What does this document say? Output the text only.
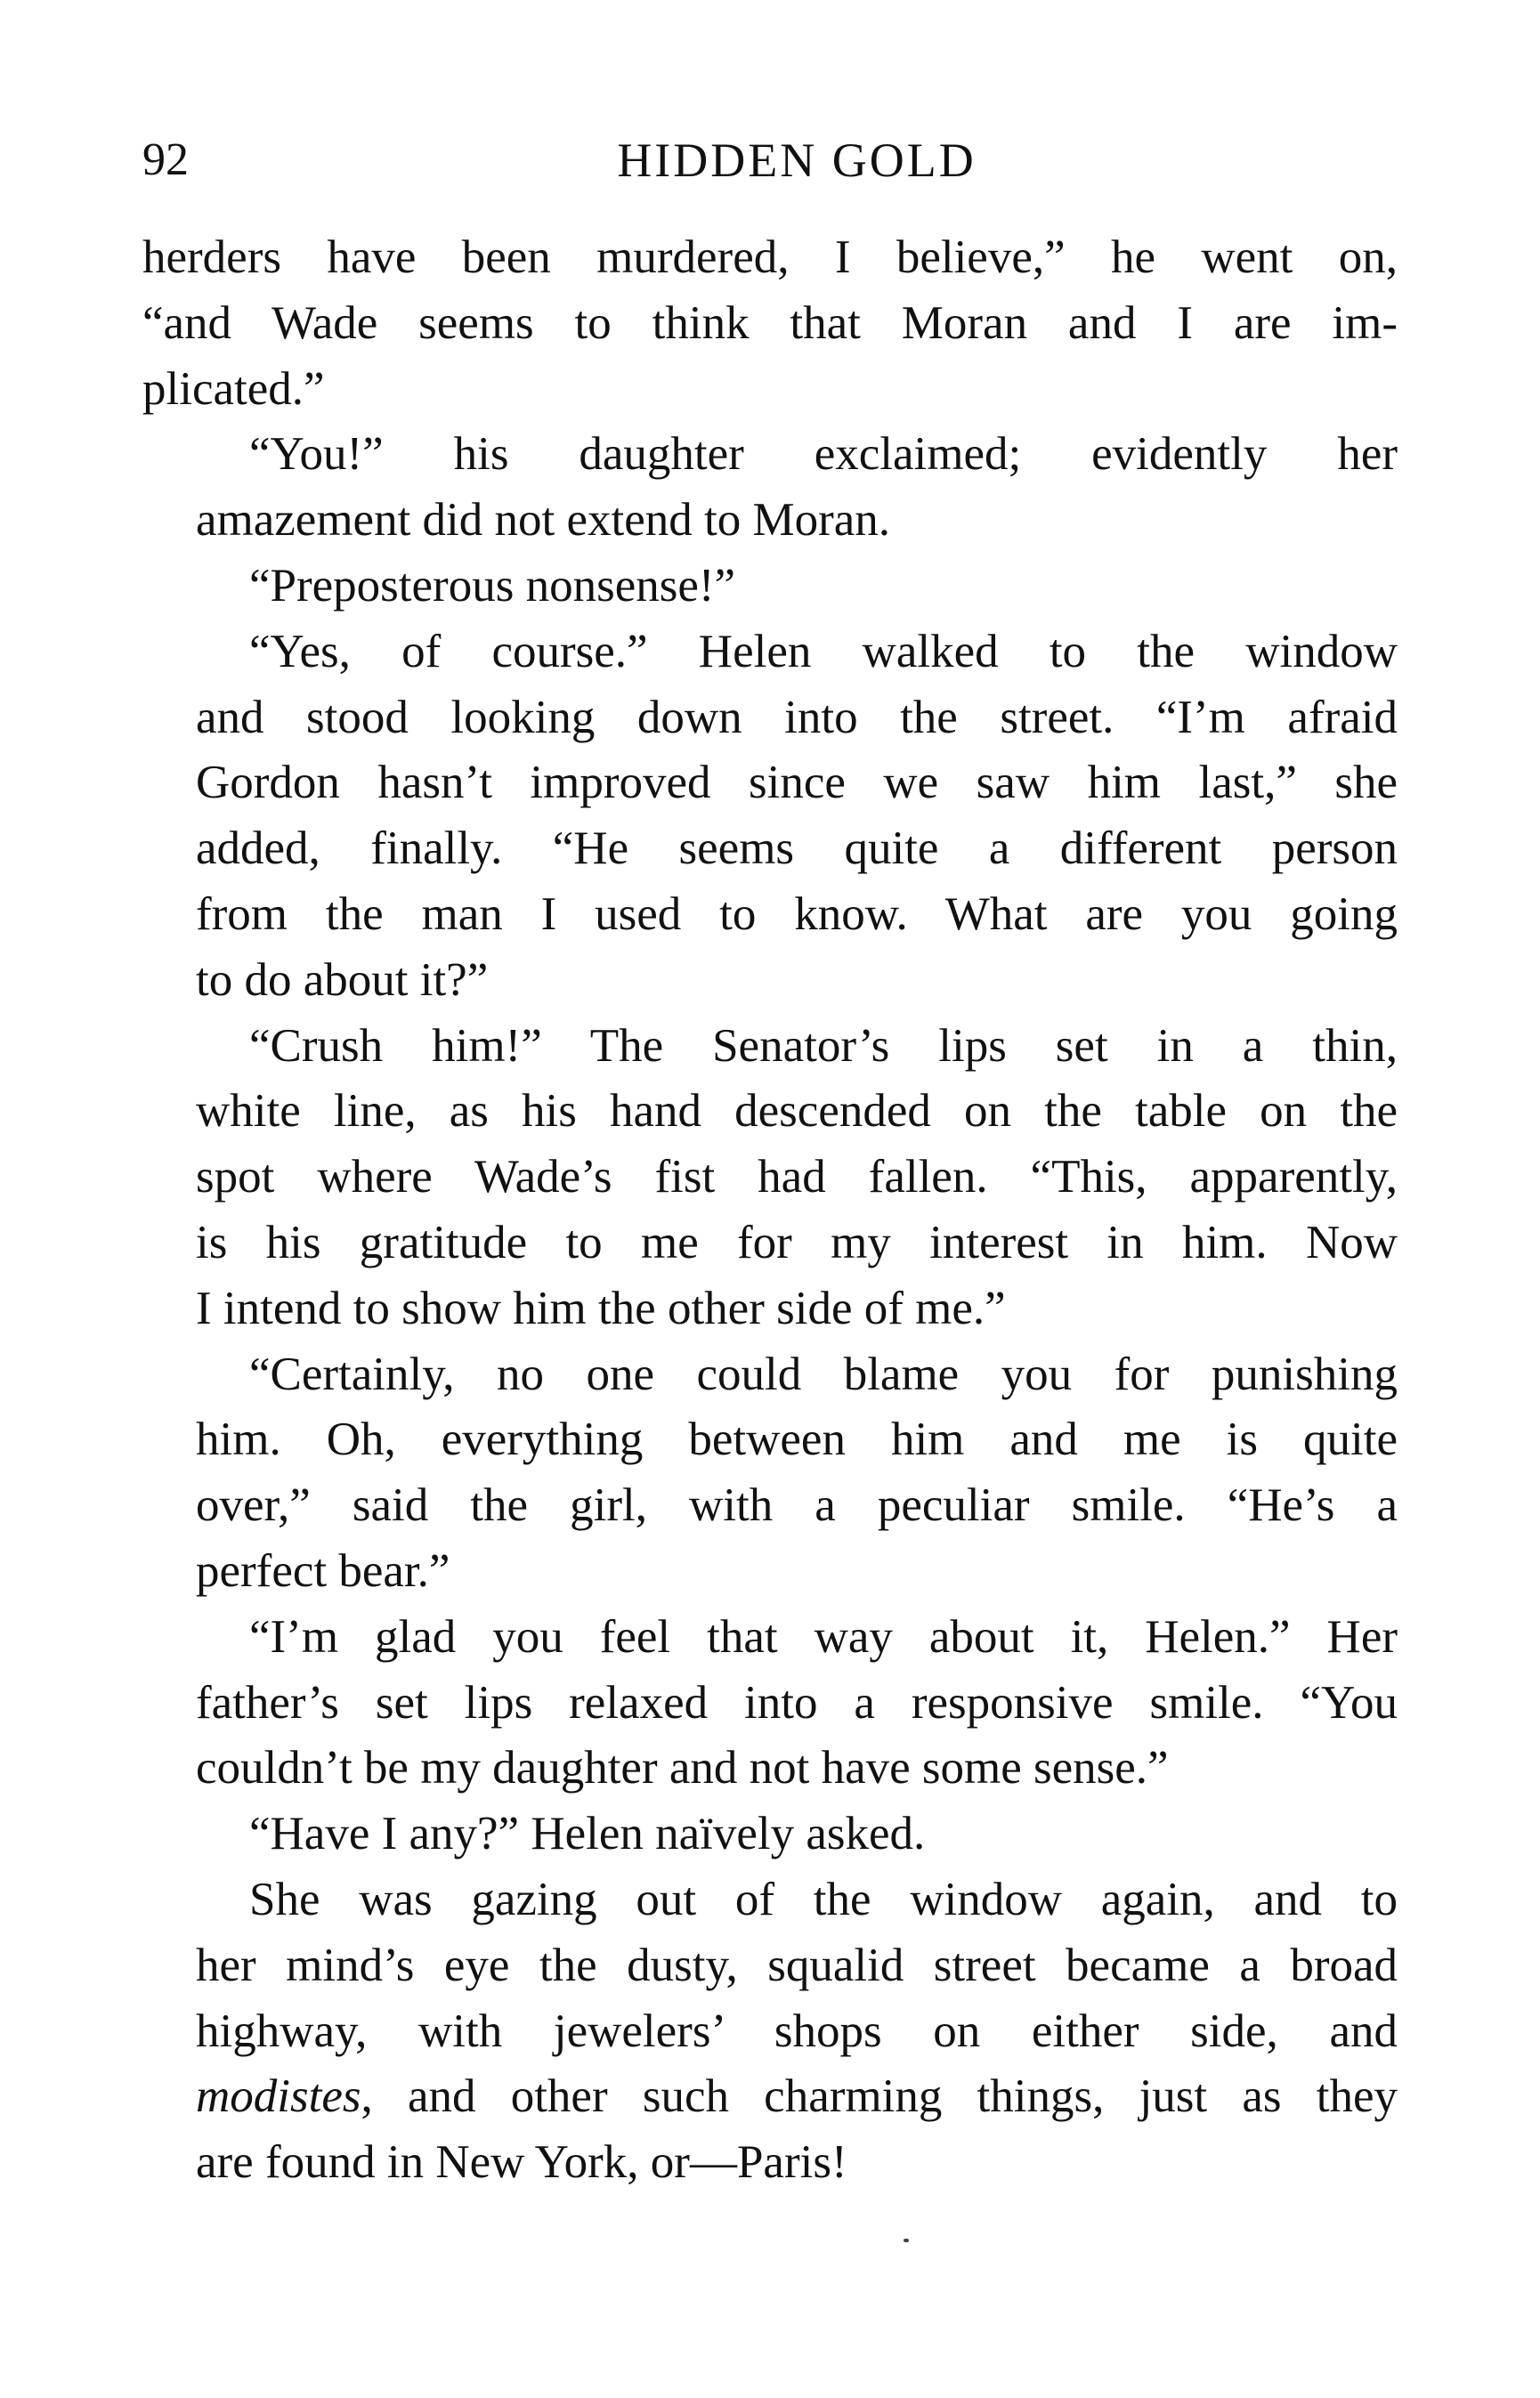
92	HIDDEN GOLD

herders have been murdered, I believe,” he went on,
“and Wade seems to think that Moran and I are im-
plicated.”

“You!” his daughter exclaimed; evidently her
amazement did not extend to Moran.

“Preposterous nonsense!”

“Yes, of course.” Helen walked to the window
and stood looking down into the street. “I’m afraid
Gordon hasn’t improved since we saw him last,” she
added, finally. “He seems quite a different person
from the man I used to know. What are you going
to do about it?”

“Crush him!” The Senator’s lips set in a thin,
white line, as his hand descended on the table on the
spot where Wade’s fist had fallen. “This, apparently,
is his gratitude to me for my interest in him. Now
I intend to show him the other side of me.”

“Certainly, no one could blame you for punishing
him. Oh, everything between him and me is quite
over,” said the girl, with a peculiar smile. “He’s a
perfect bear.”

“I’m glad you feel that way about it, Helen.” Her
father’s set lips relaxed into a responsive smile. “You
couldn’t be my daughter and not have some sense.”

“Have I any?” Helen naïvely asked.

She was gazing out of the window again, and to
her mind’s eye the dusty, squalid street became a broad
highway, with jewelers’ shops on either side, and
modistes, and other such charming things, just as they
are found in New York, or—Paris!
